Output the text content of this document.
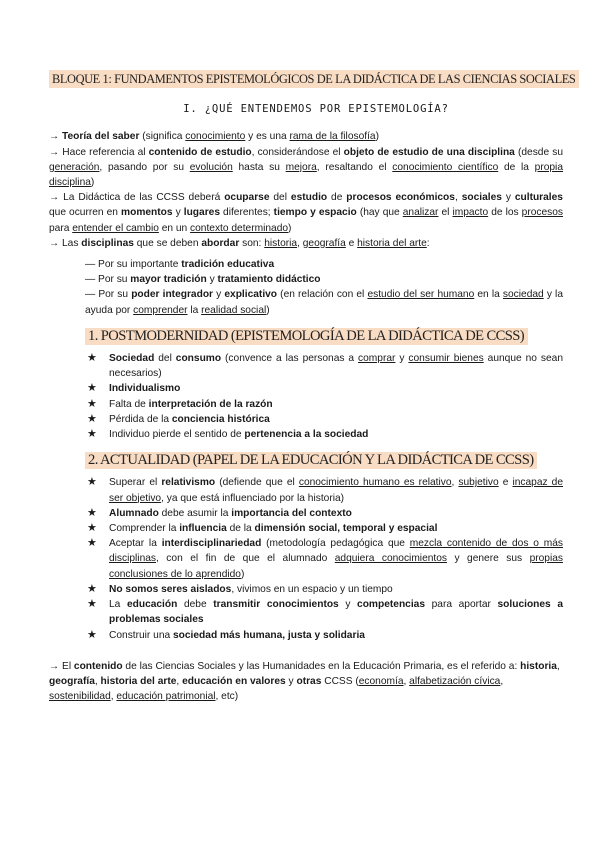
BLOQUE 1: FUNDAMENTOS EPISTEMOLÓGICOS DE LA DIDÁCTICA DE LAS CIENCIAS SOCIALES
I. ¿QUÉ ENTENDEMOS POR EPISTEMOLOGÍA?

→ Teoría del saber (significa conocimiento y es una rama de la filosofía)

→ Hace referencia al contenido de estudio, considerándose el objeto de estudio de una disciplina (desde su generación, pasando por su evolución hasta su mejora, resaltando el conocimiento científico de la propia disciplina)

→ La Didáctica de las CCSS deberá ocuparse del estudio de procesos económicos, sociales y culturales que ocurren en momentos y lugares diferentes; tiempo y espacio (hay que analizar el impacto de los procesos para entender el cambio en un contexto determinado)

→ Las disciplinas que se deben abordar son: historia, geografía e historia del arte:

— Por su importante tradición educativa

— Por su mayor tradición y tratamiento didáctico

— Por su poder integrador y explicativo (en relación con el estudio del ser humano en la sociedad y la ayuda por comprender la realidad social)

1. POSTMODERNIDAD (EPISTEMOLOGÍA DE LA DIDÁCTICA DE CCSS)
★ Sociedad del consumo (convence a las personas a comprar y consumir bienes aunque no sean necesarios)
★ Individualismo
★ Falta de interpretación de la razón
★ Pérdida de la conciencia histórica
★ Individuo pierde el sentido de pertenencia a la sociedad
2. ACTUALIDAD (PAPEL DE LA EDUCACIÓN Y LA DIDÁCTICA DE CCSS)
★ Superar el relativismo (defiende que el conocimiento humano es relativo, subjetivo e incapaz de ser objetivo, ya que está influenciado por la historia)
★ Alumnado debe asumir la importancia del contexto
★ Comprender la influencia de la dimensión social, temporal y espacial
★ Aceptar la interdisciplinariedad (metodología pedagógica que mezcla contenido de dos o más disciplinas, con el fin de que el alumnado adquiera conocimientos y genere sus propias conclusiones de lo aprendido)
★ No somos seres aislados, vivimos en un espacio y un tiempo
★ La educación debe transmitir conocimientos y competencias para aportar soluciones a problemas sociales
★ Construir una sociedad más humana, justa y solidaria

→ El contenido de las Ciencias Sociales y las Humanidades en la Educación Primaria, es el referido a: historia, geografía, historia del arte, educación en valores y otras CCSS (economía, alfabetización cívica, sostenibilidad, educación patrimonial, etc)
